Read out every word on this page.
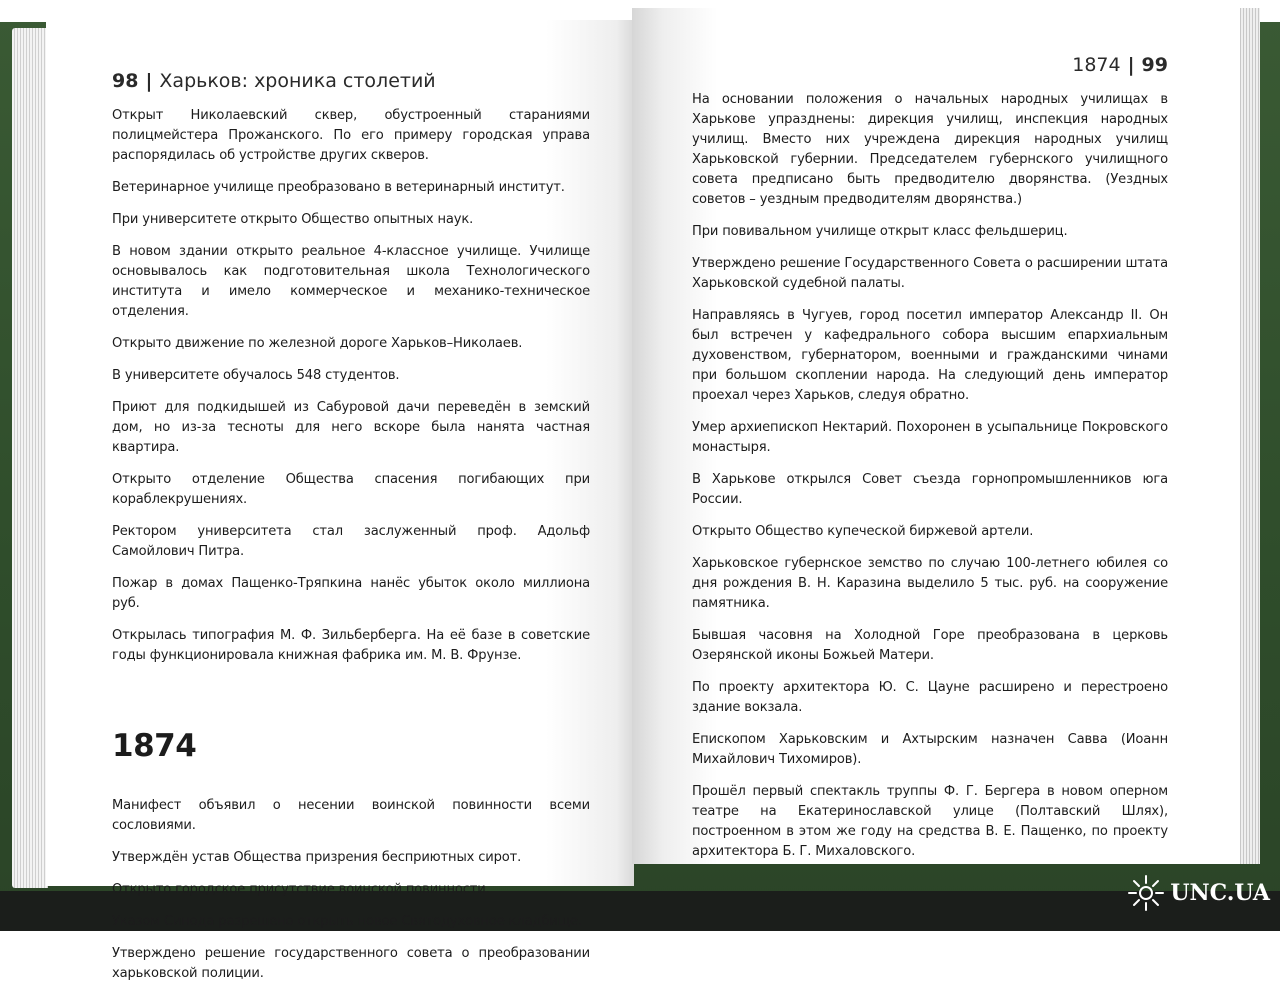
98 | Харьков: хроника столетий

Открыт Николаевский сквер, обустроенный стараниями полицмейстера Прожанского. По его примеру городская управа распорядилась об устройстве других скверов.

Ветеринарное училище преобразовано в ветеринарный институт.

При университете открыто Общество опытных наук.

В новом здании открыто реальное 4-классное училище. Училище основывалось как подготовительная школа Технологического института и имело коммерческое и механико-техническое отделения.

Открыто движение по железной дороге Харьков–Николаев.

В университете обучалось 548 студентов.

Приют для подкидышей из Сабуровой дачи переведён в земский дом, но из-за тесноты для него вскоре была нанята частная квартира.

Открыто отделение Общества спасения погибающих при кораблекрушениях.

Ректором университета стал заслуженный проф. Адольф Самойлович Питра.

Пожар в домах Пащенко-Тряпкина нанёс убыток около миллиона руб.

Открылась типография М. Ф. Зильберберга. На её базе в советские годы функционировала книжная фабрика им. М. В. Фрунзе.

1874

Манифест объявил о несении воинской повинности всеми сословиями.

Утверждён устав Общества призрения бесприютных сирот.

Открыто городское присутствие воинской повинности.

Указом Синода разрешено открыть новое Святодуховное кладбище.

Утверждено решение государственного совета о преобразовании харьковской полиции.

1874 | 99

На основании положения о начальных народных училищах в Харькове упразднены: дирекция училищ, инспекция народных училищ. Вместо них учреждена дирекция народных училищ Харьковской губернии. Председателем губернского училищного совета предписано быть предводителю дворянства. (Уездных советов – уездным предводителям дворянства.)

При повивальном училище открыт класс фельдшериц.

Утверждено решение Государственного Совета о расширении штата Харьковской судебной палаты.

Направляясь в Чугуев, город посетил император Александр II. Он был встречен у кафедрального собора высшим епархиальным духовенством, губернатором, военными и гражданскими чинами при большом скоплении народа. На следующий день император проехал через Харьков, следуя обратно.

Умер архиепископ Нектарий. Похоронен в усыпальнице Покровского монастыря.

В Харькове открылся Совет съезда горнопромышленников юга России.

Открыто Общество купеческой биржевой артели.

Харьковское губернское земство по случаю 100-летнего юбилея со дня рождения В. Н. Каразина выделило 5 тыс. руб. на сооружение памятника.

Бывшая часовня на Холодной Горе преобразована в церковь Озерянской иконы Божьей Матери.

По проекту архитектора Ю. С. Цауне расширено и перестроено здание вокзала.

Епископом Харьковским и Ахтырским назначен Савва (Иоанн Михайлович Тихомиров).

Прошёл первый спектакль труппы Ф. Г. Бергера в новом оперном театре на Екатеринославской улице (Полтавский Шлях), построенном в этом же году на средства В. Е. Пащенко, по проекту архитектора Б. Г. Михаловского.

UNC.UA
